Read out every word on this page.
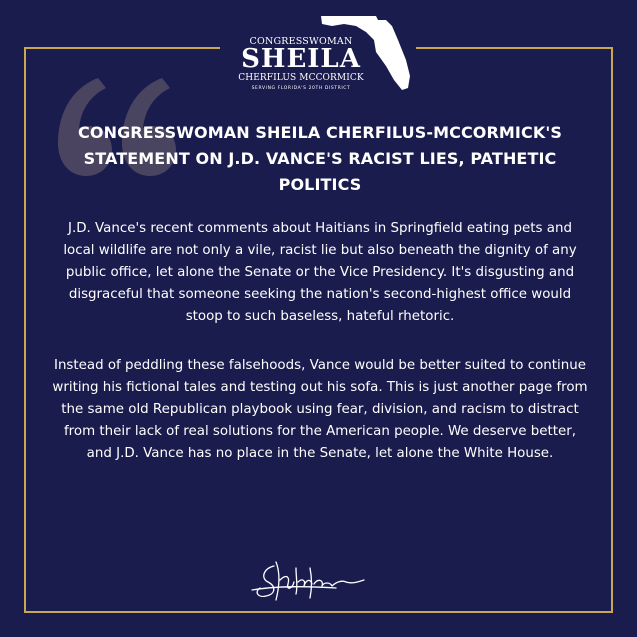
CONGRESSWOMAN
SHEILA
CHERFILUS MCCORMICK
SERVING FLORIDA'S 20TH DISTRICT
CONGRESSWOMAN SHEILA CHERFILUS-MCCORMICK'S STATEMENT ON J.D. VANCE'S RACIST LIES, PATHETIC POLITICS
J.D. Vance's recent comments about Haitians in Springfield eating pets and local wildlife are not only a vile, racist lie but also beneath the dignity of any public office, let alone the Senate or the Vice Presidency. It's disgusting and disgraceful that someone seeking the nation's second-highest office would stoop to such baseless, hateful rhetoric.
Instead of peddling these falsehoods, Vance would be better suited to continue writing his fictional tales and testing out his sofa. This is just another page from the same old Republican playbook using fear, division, and racism to distract from their lack of real solutions for the American people. We deserve better, and J.D. Vance has no place in the Senate, let alone the White House.
